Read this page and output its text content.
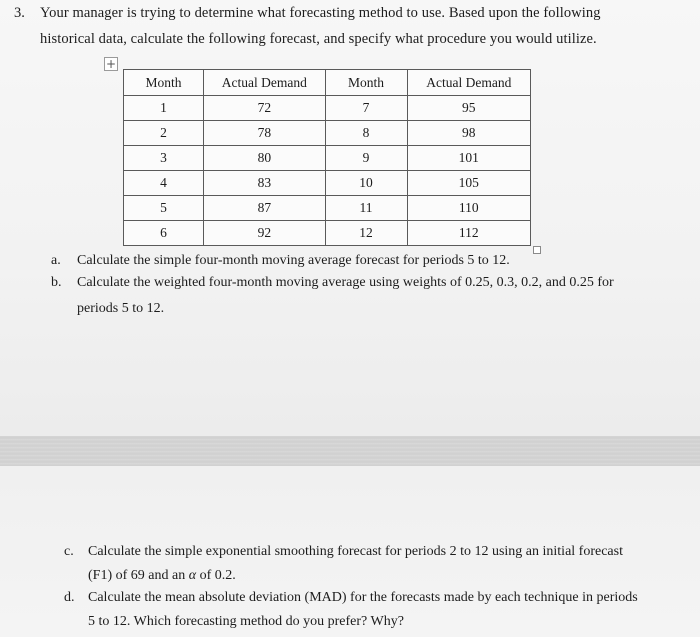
3. Your manager is trying to determine what forecasting method to use. Based upon the following
historical data, calculate the following forecast, and specify what procedure you would utilize.
+
Month	Actual Demand	Month	Actual Demand
1	72	7	95
2	78	8	98
3	80	9	101
4	83	10	105
5	87	11	110
6	92	12	112
a. Calculate the simple four-month moving average forecast for periods 5 to 12.
b. Calculate the weighted four-month moving average using weights of 0.25, 0.3, 0.2, and 0.25 for
periods 5 to 12.
c. Calculate the simple exponential smoothing forecast for periods 2 to 12 using an initial forecast
(F1) of 69 and an α of 0.2.
d. Calculate the mean absolute deviation (MAD) for the forecasts made by each technique in periods
5 to 12. Which forecasting method do you prefer? Why?
